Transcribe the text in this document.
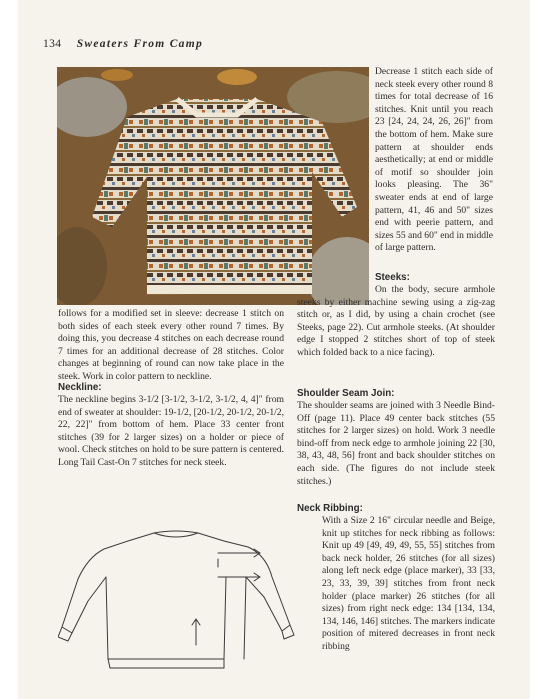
134 Sweaters From Camp

Decrease 1 stitch each side of neck steek every other round 8 times for total decrease of 16 stitches. Knit until you reach 23 [24, 24, 24, 26, 26]" from the bottom of hem. Make sure pattern at shoulder ends aesthetically; at end or middle of motif so shoulder join looks pleasing. The 36" sweater ends at end of large pattern, 41, 46 and 50" sizes end with peerie pattern, and sizes 55 and 60" end in middle of large pattern.

Steeks:

On the body, secure armhole steeks by either machine sewing using a zig-zag stitch or, as I did, by using a chain crochet (see Steeks, page 22). Cut armhole steeks. (At shoulder edge I stopped 2 stitches short of top of steek which folded back to a nice facing).

follows for a modified set in sleeve: decrease 1 stitch on both sides of each steek every other round 7 times. By doing this, you decrease 4 stitches on each decrease round 7 times for an additional decrease of 28 stitches. Color changes at beginning of round can now take place in the steek. Work in color pattern to neckline.

Neckline:

The neckline begins 3-1/2 [3-1/2, 3-1/2, 3-1/2, 4, 4]" from end of sweater at shoulder: 19-1/2, [20-1/2, 20-1/2, 20-1/2, 22, 22]" from bottom of hem. Place 33 center front stitches (39 for 2 larger sizes) on a holder or piece of wool. Check stitches on hold to be sure pattern is centered. Long Tail Cast-On 7 stitches for neck steek.

Shoulder Seam Join:

The shoulder seams are joined with 3 Needle Bind-Off (page 11). Place 49 center back stitches (55 stitches for 2 larger sizes) on hold. Work 3 needle bind-off from neck edge to armhole joining 22 [30, 38, 43, 48, 56] front and back shoulder stitches on each side. (The figures do not include steek stitches.)

Neck Ribbing:

With a Size 2 16" circular needle and Beige, knit up stitches for neck ribbing as follows: Knit up 49 [49, 49, 49, 55, 55] stitches from back neck holder, 26 stitches (for all sizes) along left neck edge (place marker), 33 [33, 23, 33, 39, 39] stitches from front neck holder (place marker) 26 stitches (for all sizes) from right neck edge: 134 [134, 134, 134, 146, 146] stitches. The markers indicate position of mitered decreases in front neck ribbing
